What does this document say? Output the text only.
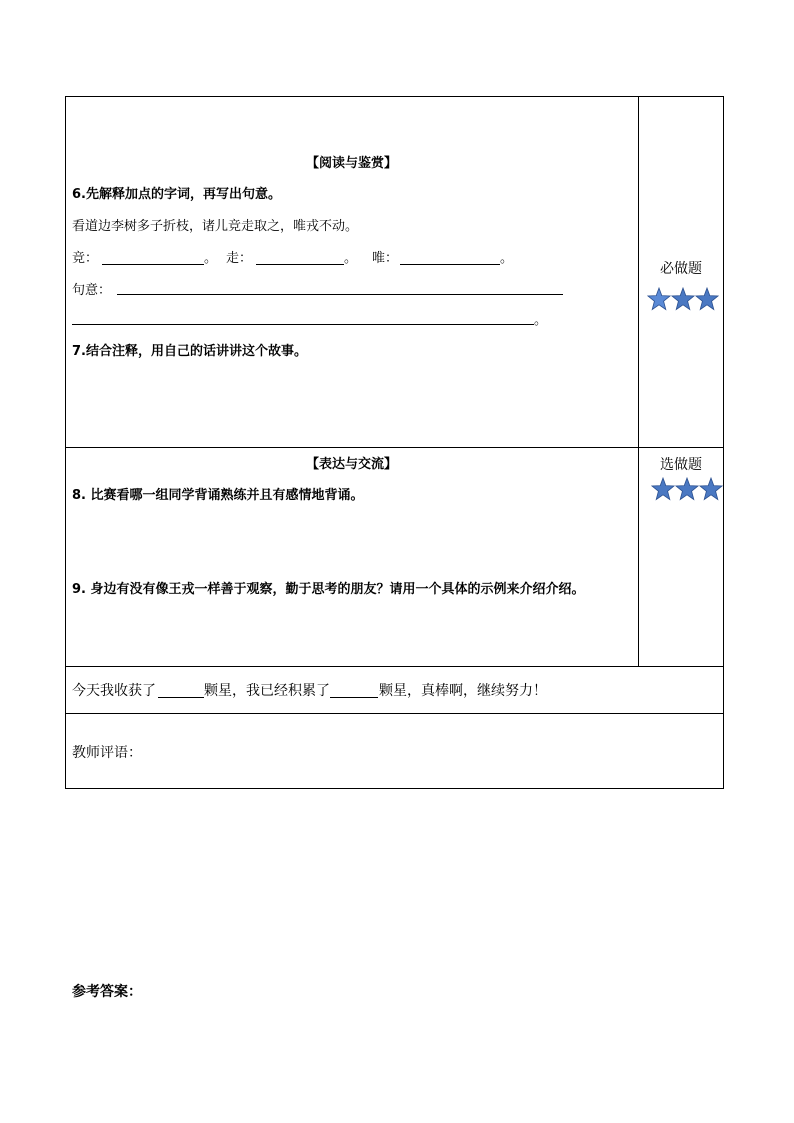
【阅读与鉴赏】
6.先解释加点的字词，再写出句意。
看道边李树多子折枝，诸儿竞走取之，唯戎不动。
竞：	。 走：	。 唯：	。
句意：
。
7.结合注释，用自己的话讲讲这个故事。
必做题
【表达与交流】
8. 比赛看哪一组同学背诵熟练并且有感情地背诵。
9. 身边有没有像王戎一样善于观察，勤于思考的朋友？请用一个具体的示例来介绍介绍。
选做题
今天我收获了	颗星，我已经积累了	颗星，真棒啊，继续努力！
教师评语：
参考答案：
